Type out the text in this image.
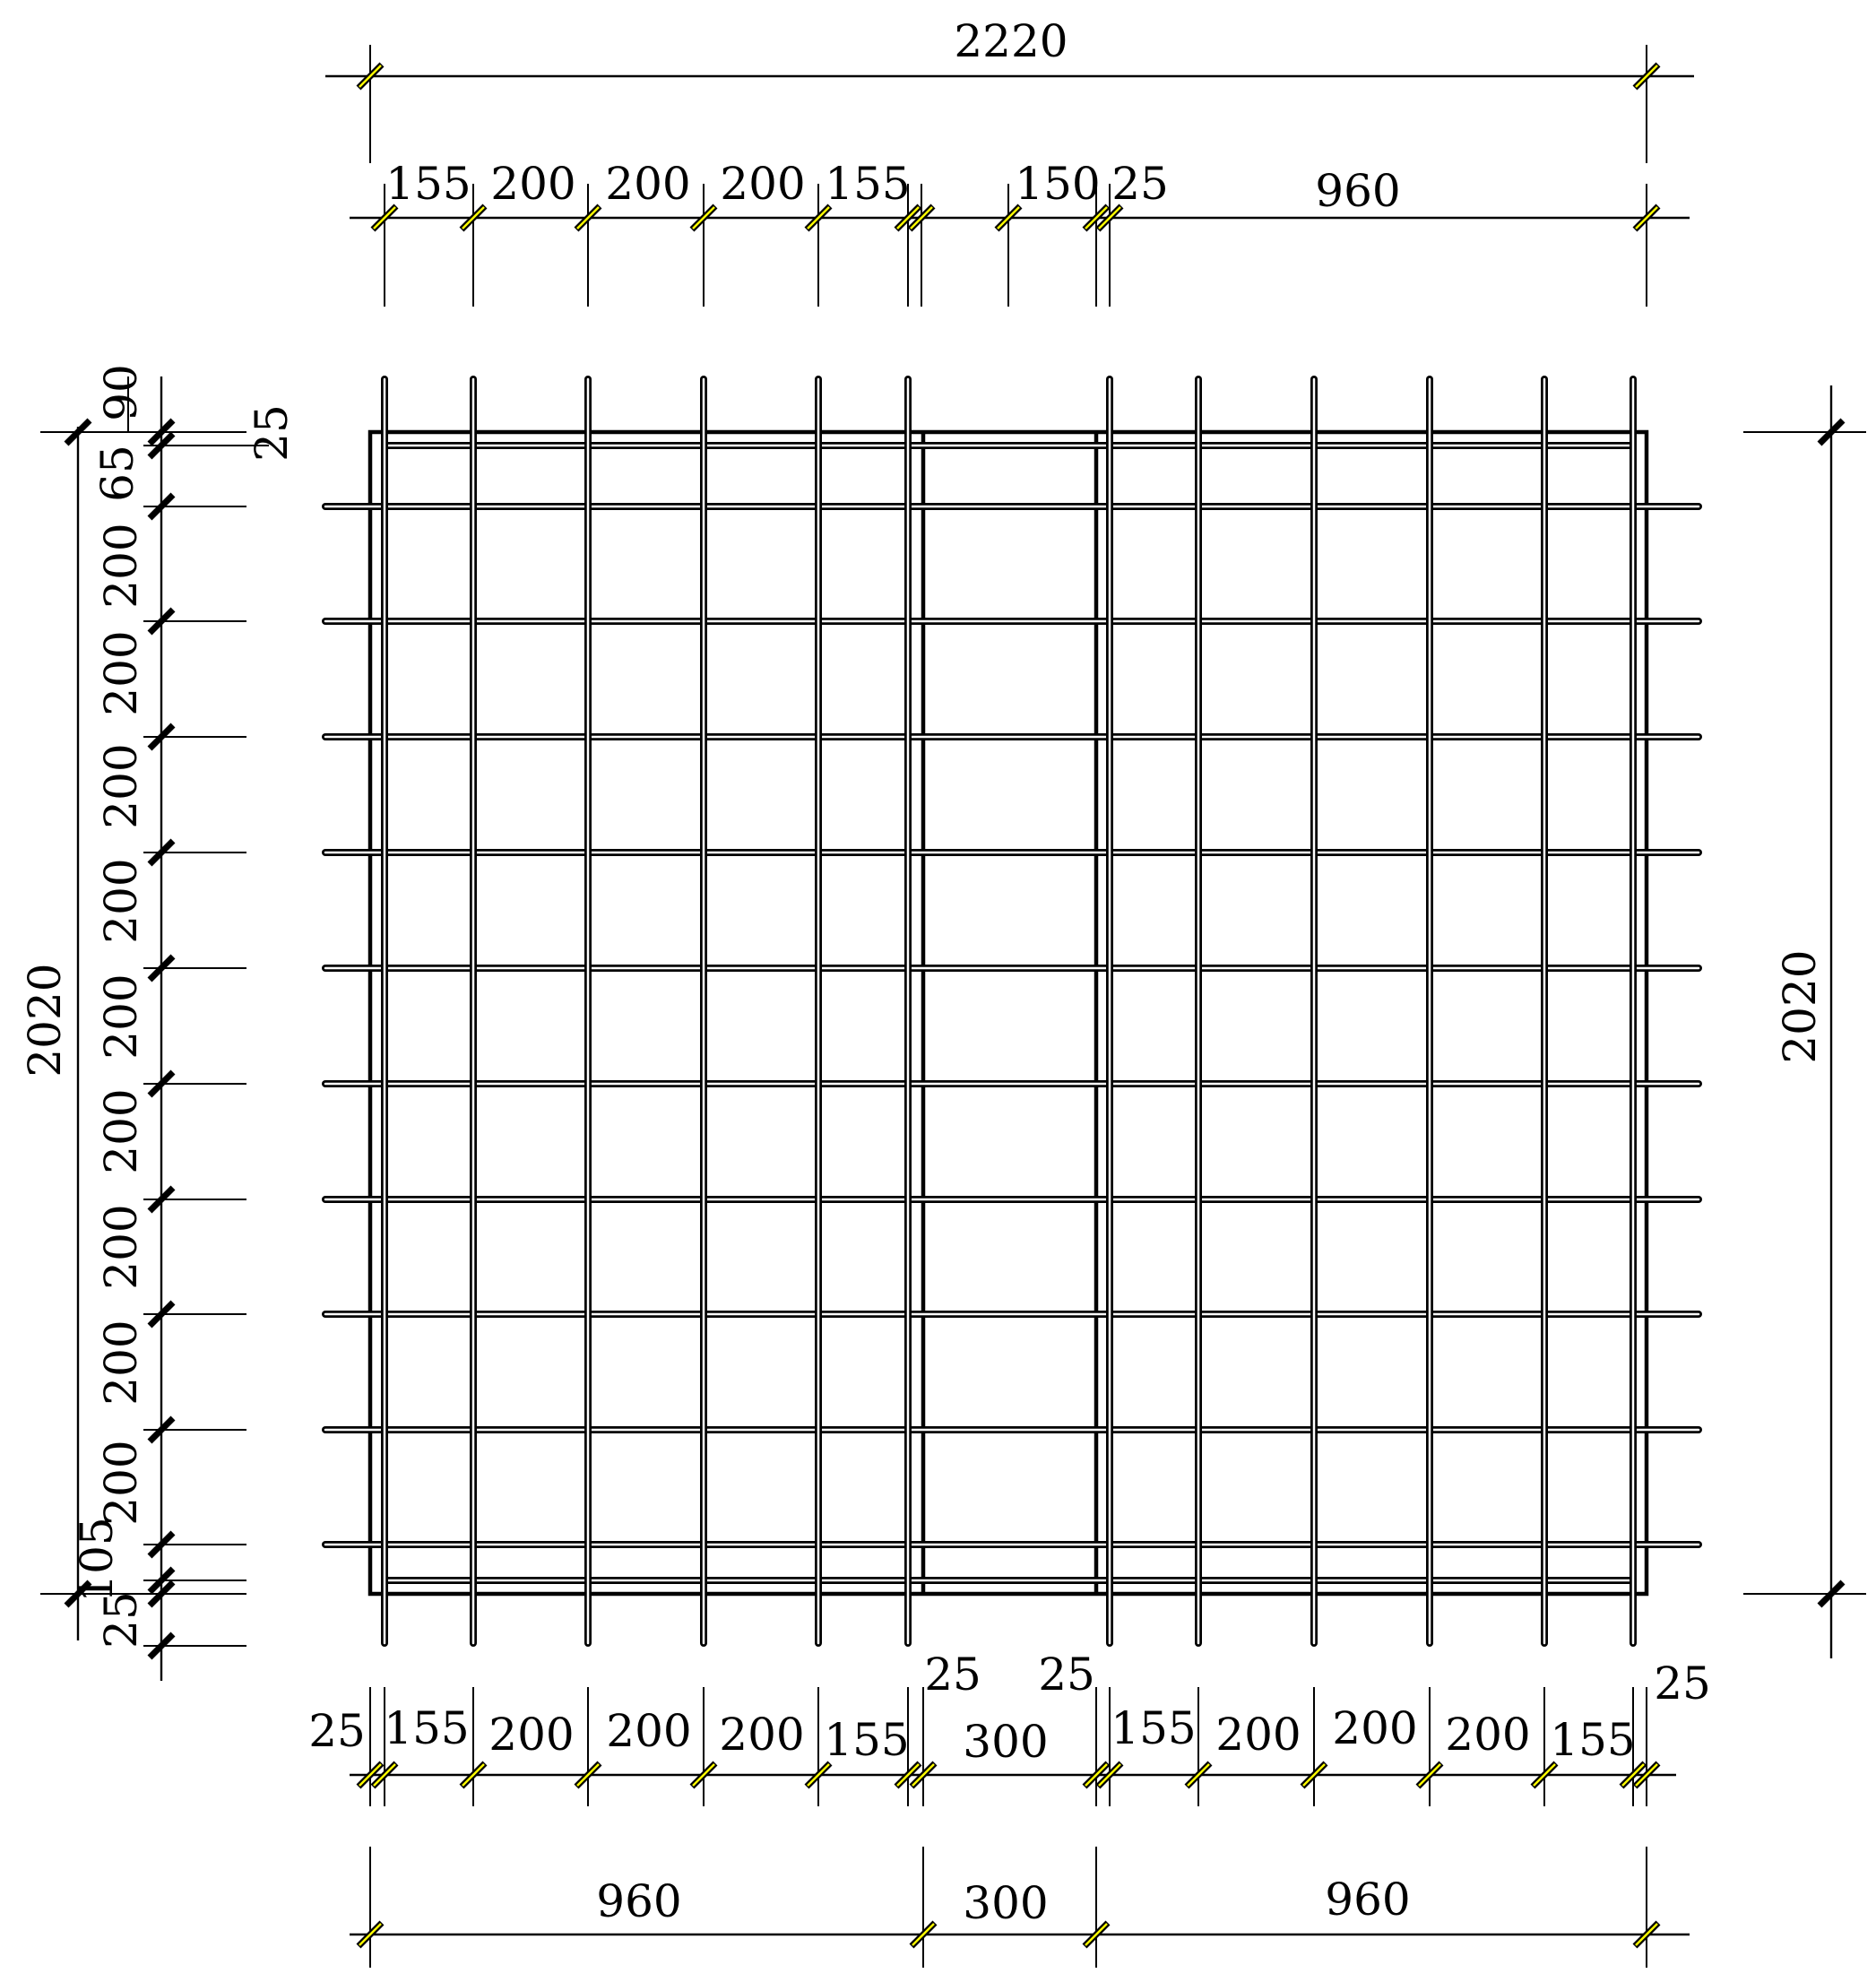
2220
155 200 200 200 155 150 25	960
2020	2020
90
25
65
200
200
200
200
200
200
200
200
200
105
25
25 155 200 200 200 155
25
300
25
155 200 200 200 155
25
960	300	960
